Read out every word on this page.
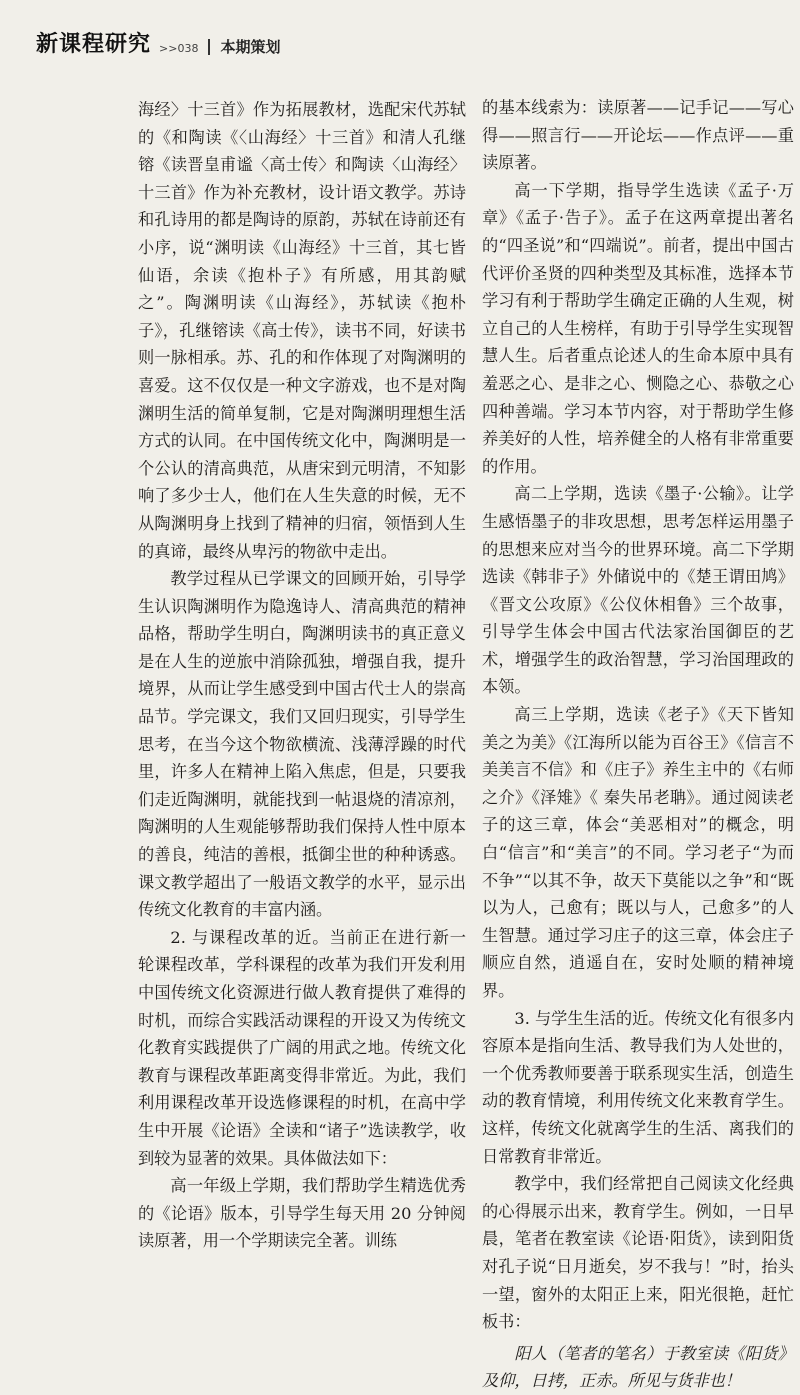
新课程研究 >>038 本期策划

海经〉十三首》作为拓展教材，选配宋代苏轼的《和陶读《〈山海经〉十三首》和清人孔继镕《读晋皇甫谧〈高士传〉和陶读〈山海经〉十三首》作为补充教材，设计语文教学。苏诗和孔诗用的都是陶诗的原韵，苏轼在诗前还有小序，说“渊明读《山海经》十三首，其七皆仙语，余读《抱朴子》有所感，用其韵赋之”。陶渊明读《山海经》，苏轼读《抱朴子》，孔继镕读《高士传》，读书不同，好读书则一脉相承。苏、孔的和作体现了对陶渊明的喜爱。这不仅仅是一种文字游戏，也不是对陶渊明生活的简单复制，它是对陶渊明理想生活方式的认同。在中国传统文化中，陶渊明是一个公认的清高典范，从唐宋到元明清，不知影响了多少士人，他们在人生失意的时候，无不从陶渊明身上找到了精神的归宿，领悟到人生的真谛，最终从卑污的物欲中走出。

教学过程从已学课文的回顾开始，引导学生认识陶渊明作为隐逸诗人、清高典范的精神品格，帮助学生明白，陶渊明读书的真正意义是在人生的逆旅中消除孤独，增强自我，提升境界，从而让学生感受到中国古代士人的崇高品节。学完课文，我们又回归现实，引导学生思考，在当今这个物欲横流、浅薄浮躁的时代里，许多人在精神上陷入焦虑，但是，只要我们走近陶渊明，就能找到一帖退烧的清凉剂，陶渊明的人生观能够帮助我们保持人性中原本的善良，纯洁的善根，抵御尘世的种种诱惑。课文教学超出了一般语文教学的水平，显示出传统文化教育的丰富内涵。

2. 与课程改革的近。当前正在进行新一轮课程改革，学科课程的改革为我们开发利用中国传统文化资源进行做人教育提供了难得的时机，而综合实践活动课程的开设又为传统文化教育实践提供了广阔的用武之地。传统文化教育与课程改革距离变得非常近。为此，我们利用课程改革开设选修课程的时机，在高中学生中开展《论语》全读和“诸子”选读教学，收到较为显著的效果。具体做法如下：

高一年级上学期，我们帮助学生精选优秀的《论语》版本，引导学生每天用 20 分钟阅读原著，用一个学期读完全著。训练

的基本线索为：读原著——记手记——写心得——照言行——开论坛——作点评——重读原著。

高一下学期，指导学生选读《孟子·万章》《孟子·告子》。孟子在这两章提出著名的“四圣说”和“四端说”。前者，提出中国古代评价圣贤的四种类型及其标准，选择本节学习有利于帮助学生确定正确的人生观，树立自己的人生榜样，有助于引导学生实现智慧人生。后者重点论述人的生命本原中具有羞恶之心、是非之心、恻隐之心、恭敬之心四种善端。学习本节内容，对于帮助学生修养美好的人性，培养健全的人格有非常重要的作用。

高二上学期，选读《墨子·公输》。让学生感悟墨子的非攻思想，思考怎样运用墨子的思想来应对当今的世界环境。高二下学期选读《韩非子》外储说中的《楚王谓田鸠》《晋文公攻原》《公仪休相鲁》三个故事，引导学生体会中国古代法家治国御臣的艺术，增强学生的政治智慧，学习治国理政的本领。

高三上学期，选读《老子》《天下皆知美之为美》《江海所以能为百谷王》《信言不美美言不信》和《庄子》养生主中的《右师之介》《泽雉》《 秦失吊老聃》。通过阅读老子的这三章，体会“美恶相对”的概念，明白“信言”和“美言”的不同。学习老子“为而不争”“以其不争，故天下莫能以之争”和“既以为人，己愈有；既以与人，己愈多”的人生智慧。通过学习庄子的这三章，体会庄子顺应自然，逍遥自在，安时处顺的精神境界。

3. 与学生生活的近。传统文化有很多内容原本是指向生活、教导我们为人处世的，一个优秀教师要善于联系现实生活，创造生动的教育情境，利用传统文化来教育学生。这样，传统文化就离学生的生活、离我们的日常教育非常近。

教学中，我们经常把自己阅读文化经典的心得展示出来，教育学生。例如，一日早晨，笔者在教室读《论语·阳货》，读到阳货对孔子说“日月逝矣，岁不我与！”时，抬头一望，窗外的太阳正上来，阳光很艳，赶忙板书：

阳人（笔者的笔名）于教室读《阳货》及仰，日拷，正赤。所见与货非也！
